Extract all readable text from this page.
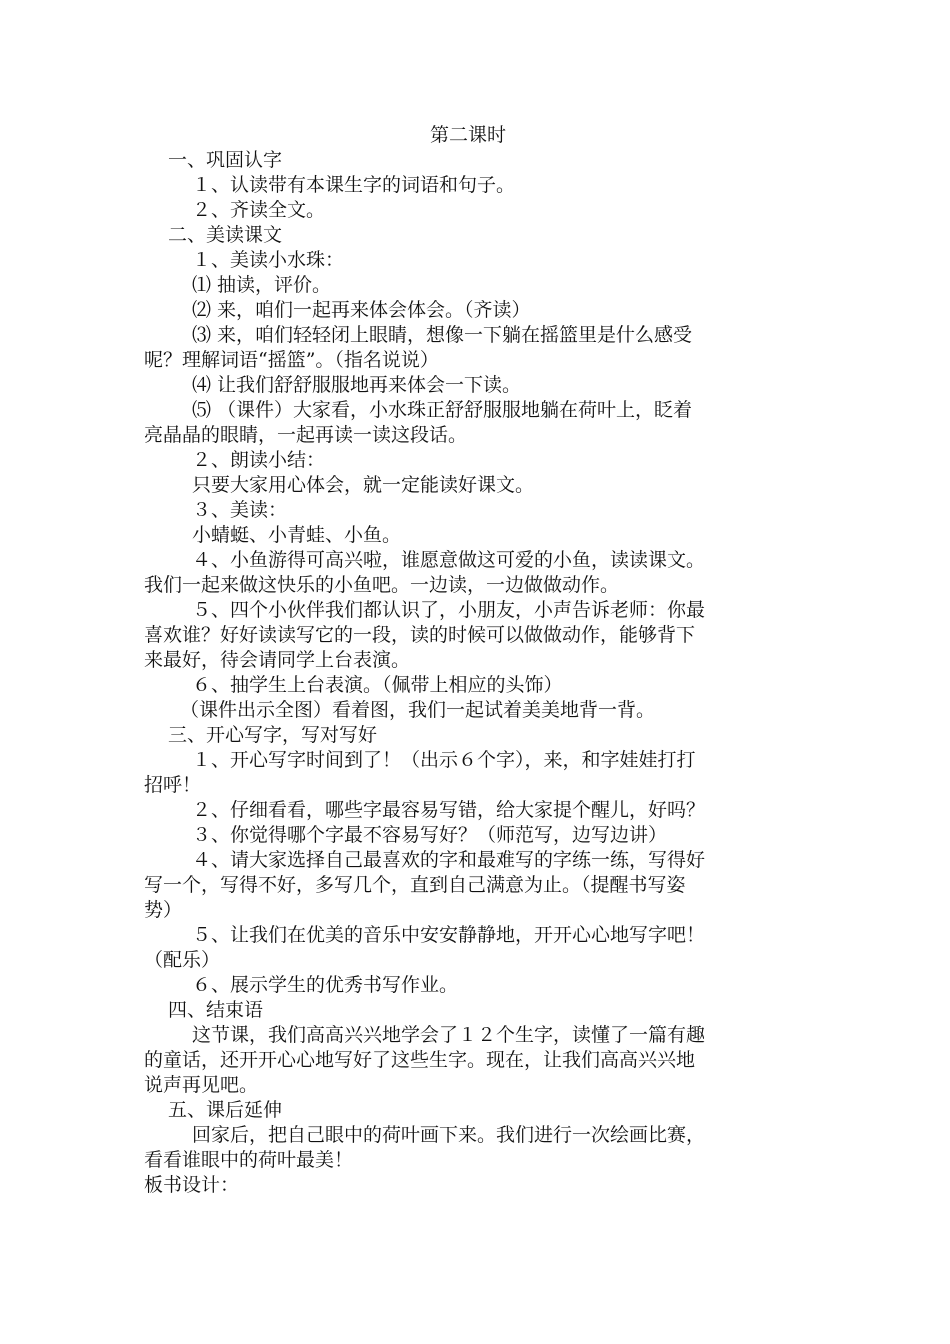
第二课时
一、巩固认字
１、认读带有本课生字的词语和句子。
２、齐读全文。
二、美读课文
１、美读小水珠：
⑴ 抽读，评价。
⑵ 来，咱们一起再来体会体会。（齐读）
⑶ 来，咱们轻轻闭上眼睛，想像一下躺在摇篮里是什么感受
呢？理解词语“摇篮”。（指名说说）
⑷ 让我们舒舒服服地再来体会一下读。
⑸ （课件）大家看，小水珠正舒舒服服地躺在荷叶上，眨着
亮晶晶的眼睛，一起再读一读这段话。
２、朗读小结：
只要大家用心体会，就一定能读好课文。
３、美读：
小蜻蜓、小青蛙、小鱼。
４、小鱼游得可高兴啦，谁愿意做这可爱的小鱼，读读课文。
我们一起来做这快乐的小鱼吧。一边读，一边做做动作。
５、四个小伙伴我们都认识了，小朋友，小声告诉老师：你最
喜欢谁？好好读读写它的一段，读的时候可以做做动作，能够背下
来最好，待会请同学上台表演。
６、抽学生上台表演。（佩带上相应的头饰）
（课件出示全图）看着图，我们一起试着美美地背一背。
三、开心写字，写对写好
１、开心写字时间到了！（出示６个字），来，和字娃娃打打
招呼！
２、仔细看看，哪些字最容易写错，给大家提个醒儿，好吗？
３、你觉得哪个字最不容易写好？（师范写，边写边讲）
４、请大家选择自己最喜欢的字和最难写的字练一练，写得好
写一个，写得不好，多写几个，直到自己满意为止。（提醒书写姿
势）
５、让我们在优美的音乐中安安静静地，开开心心地写字吧！
（配乐）
６、展示学生的优秀书写作业。
四、结束语
这节课，我们高高兴兴地学会了１２个生字，读懂了一篇有趣
的童话，还开开心心地写好了这些生字。现在，让我们高高兴兴地
说声再见吧。
五、课后延伸
回家后，把自己眼中的荷叶画下来。我们进行一次绘画比赛，
看看谁眼中的荷叶最美！
板书设计：
